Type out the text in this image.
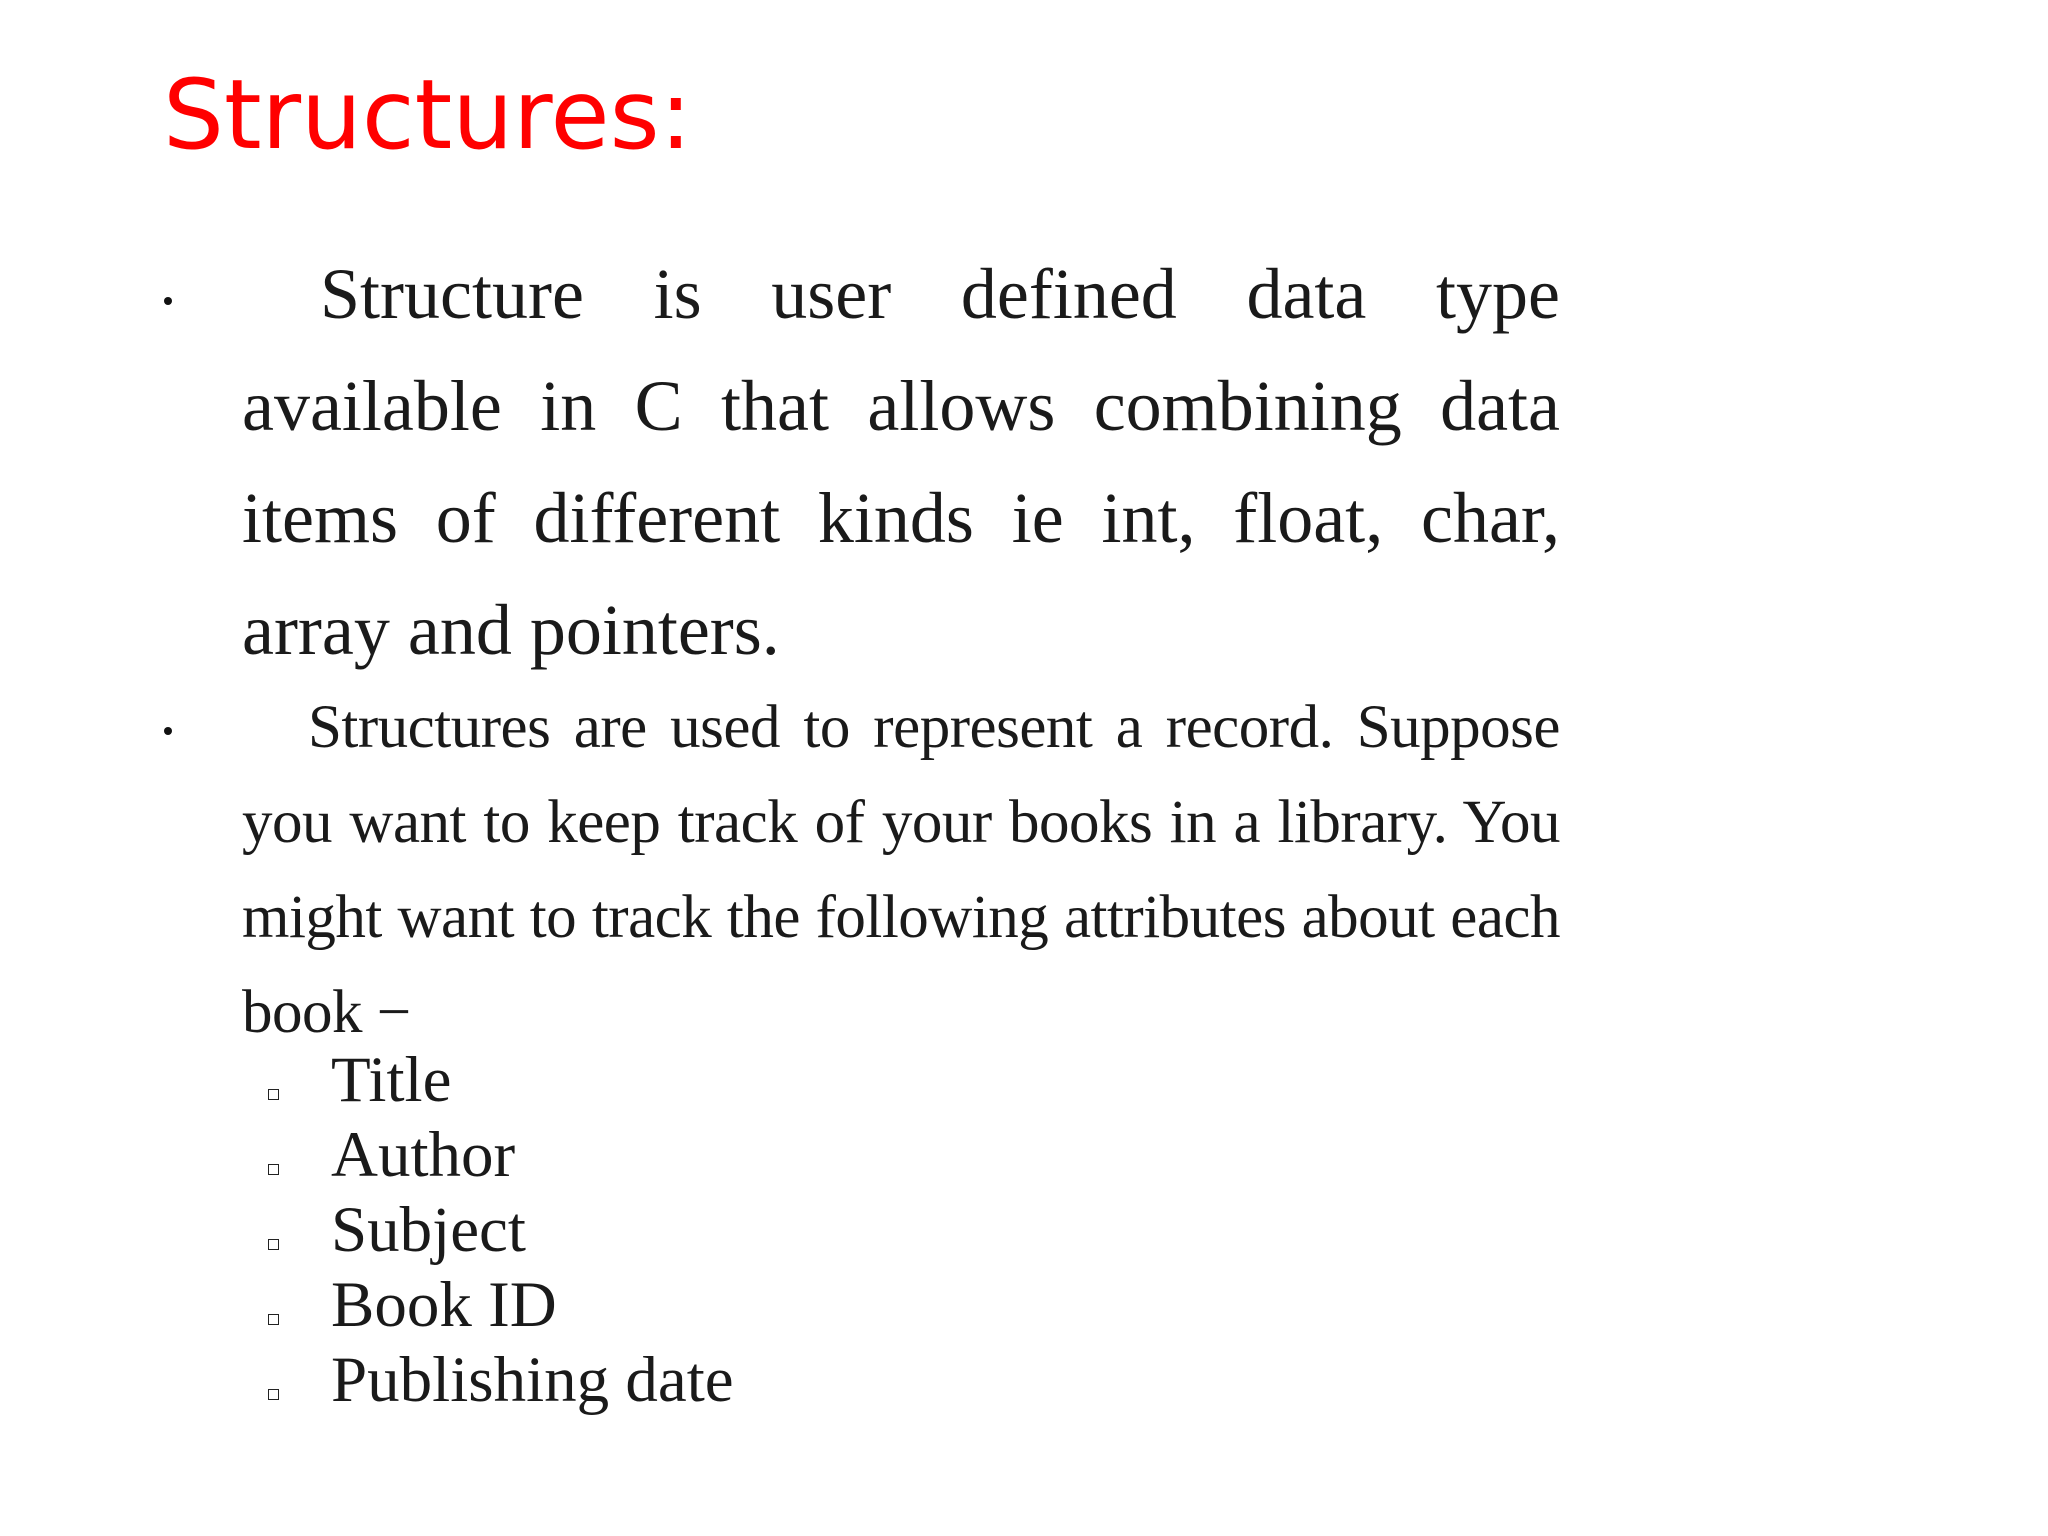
Structures:

Structure is user defined data type available in C that allows combining data items of different kinds ie int, float, char, array and pointers.

Structures are used to represent a record. Suppose you want to keep track of your books in a library. You might want to track the following attributes about each book −

Title
Author
Subject
Book ID
Publishing date
